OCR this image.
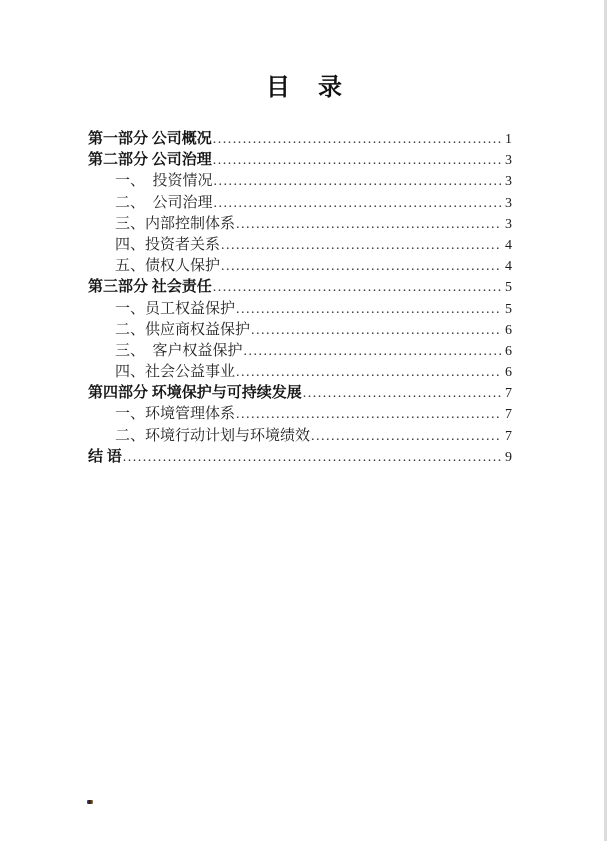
目　录
第一部分 公司概况 .....	1
第二部分 公司治理 .....	3
一、　投资情况 .....	3
二、　公司治理 .....	3
三、内部控制体系 .....	3
四、投资者关系 .....	4
五、债权人保护 .....	4
第三部分 社会责任 .....	5
一、员工权益保护 .....	5
二、供应商权益保护 .....	6
三、　客户权益保护 .....	6
四、社会公益事业 .....	6
第四部分 环境保护与可持续发展 .....	7
一、环境管理体系 .....	7
二、环境行动计划与环境绩效 .....	7
结 语 .....	9
